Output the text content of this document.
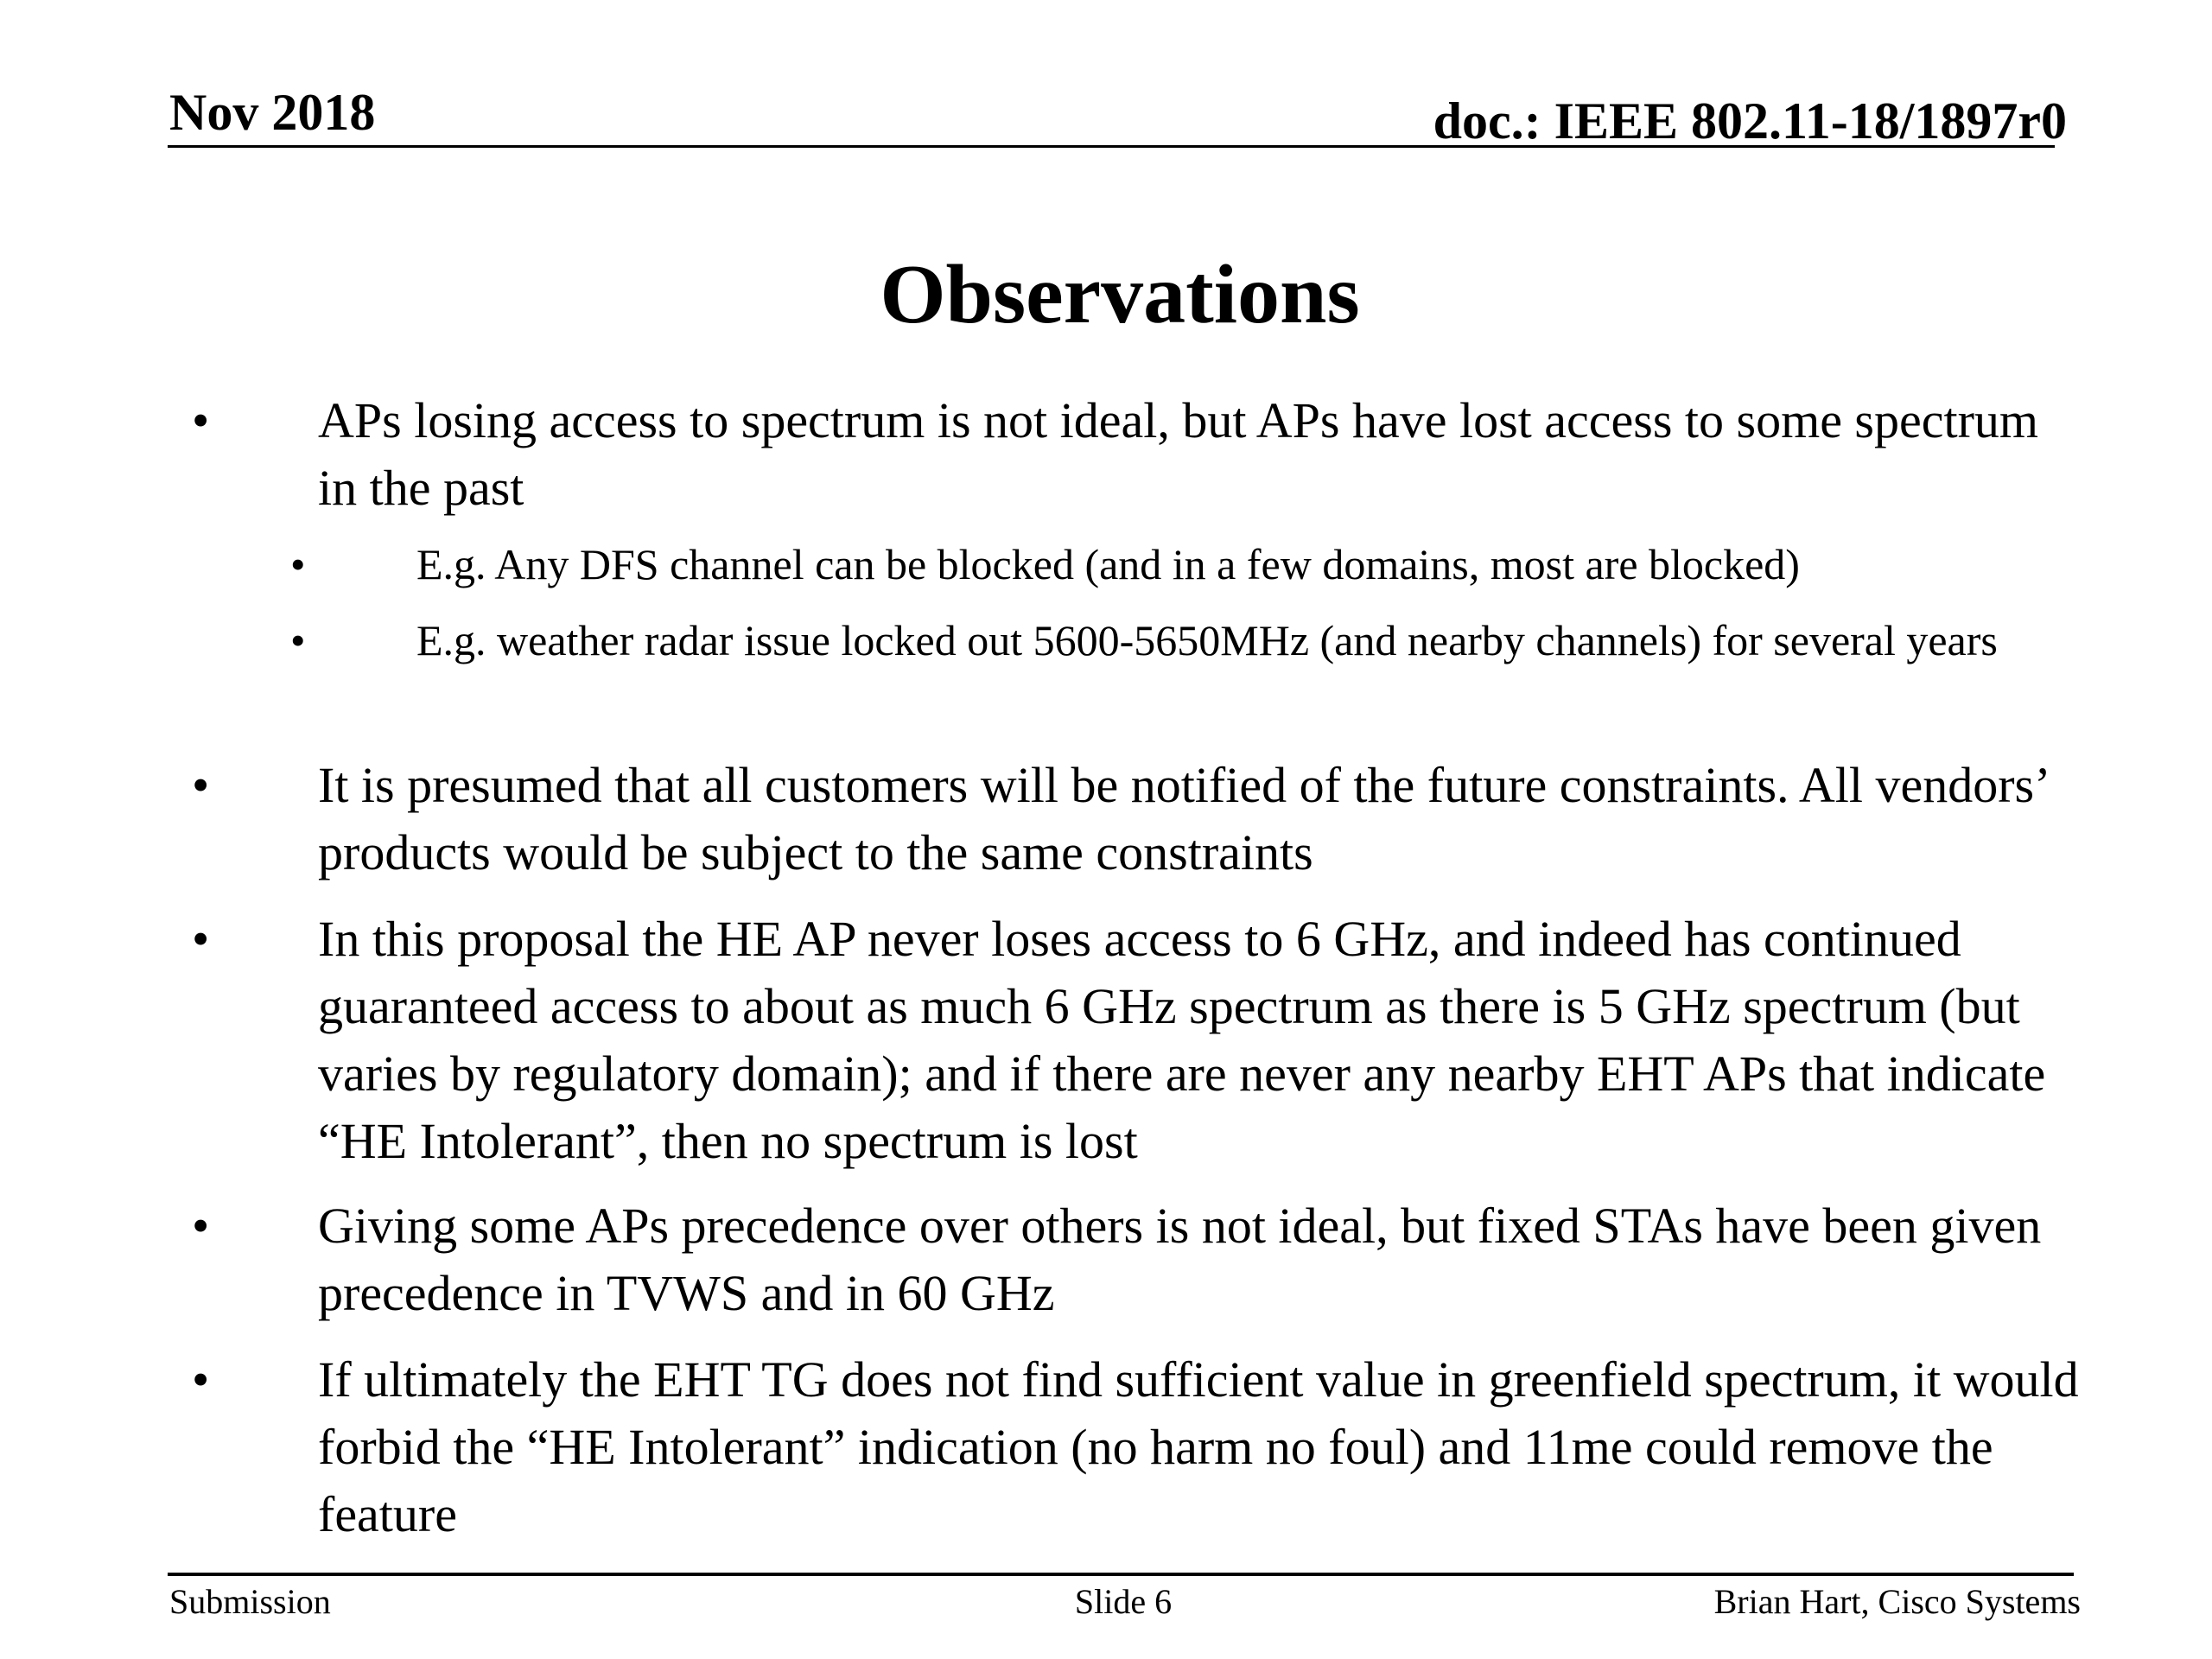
Nov 2018	doc.: IEEE 802.11-18/1897r0
Observations
•	APs losing access to spectrum is not ideal, but APs have lost access to some spectrum in the past
•	E.g. Any DFS channel can be blocked (and in a few domains, most are blocked)
•	E.g. weather radar issue locked out 5600-5650MHz (and nearby channels) for several years
•	It is presumed that all customers will be notified of the future constraints. All vendors’ products would be subject to the same constraints
•	In this proposal the HE AP never loses access to 6 GHz, and indeed has continued guaranteed access to about as much 6 GHz spectrum as there is 5 GHz spectrum (but varies by regulatory domain); and if there are never any nearby EHT APs that indicate “HE Intolerant”, then no spectrum is lost
•	Giving some APs precedence over others is not ideal, but fixed STAs have been given precedence in TVWS and in 60 GHz
•	If ultimately the EHT TG does not find sufficient value in greenfield spectrum, it would forbid the “HE Intolerant” indication (no harm no foul) and 11me could remove the feature
Submission	Slide 6	Brian Hart, Cisco Systems
